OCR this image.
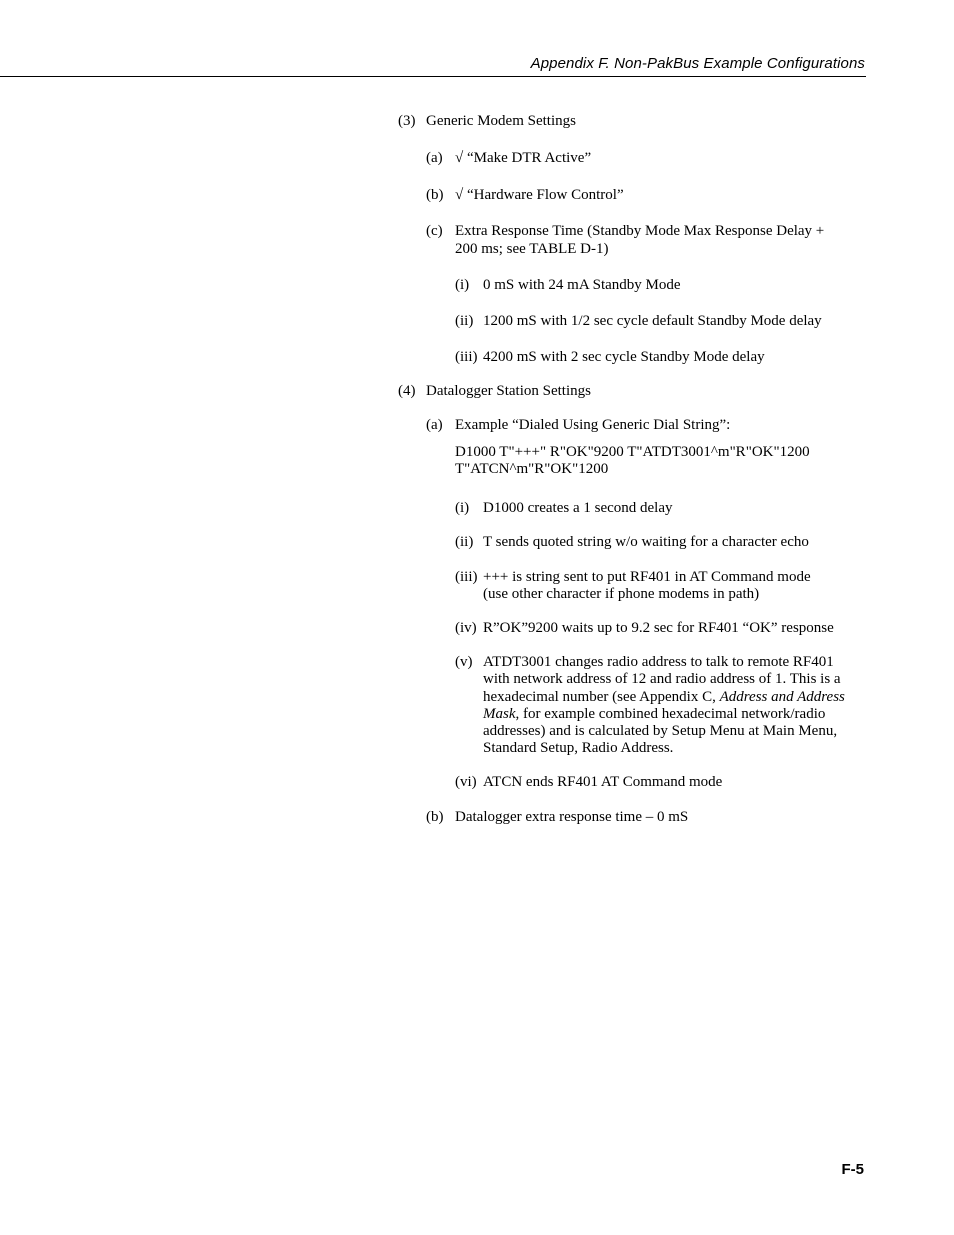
Appendix F. Non-PakBus Example Configurations
(3) Generic Modem Settings
(a) √ “Make DTR Active”
(b) √ “Hardware Flow Control”
(c) Extra Response Time (Standby Mode Max Response Delay +
200 ms; see TABLE D-1)
(i) 0 mS with 24 mA Standby Mode
(ii) 1200 mS with 1/2 sec cycle default Standby Mode delay
(iii) 4200 mS with 2 sec cycle Standby Mode delay
(4) Datalogger Station Settings
(a) Example “Dialed Using Generic Dial String”:
D1000 T"+++" R"OK"9200 T"ATDT3001^m"R"OK"1200
T"ATCN^m"R"OK"1200
(i) D1000 creates a 1 second delay
(ii) T sends quoted string w/o waiting for a character echo
(iii) +++ is string sent to put RF401 in AT Command mode
(use other character if phone modems in path)
(iv) R”OK”9200 waits up to 9.2 sec for RF401 “OK” response
(v) ATDT3001 changes radio address to talk to remote RF401
with network address of 12 and radio address of 1. This is a
hexadecimal number (see Appendix C, Address and Address
Mask, for example combined hexadecimal network/radio
addresses) and is calculated by Setup Menu at Main Menu,
Standard Setup, Radio Address.
(vi) ATCN ends RF401 AT Command mode
(b) Datalogger extra response time – 0 mS
F-5
